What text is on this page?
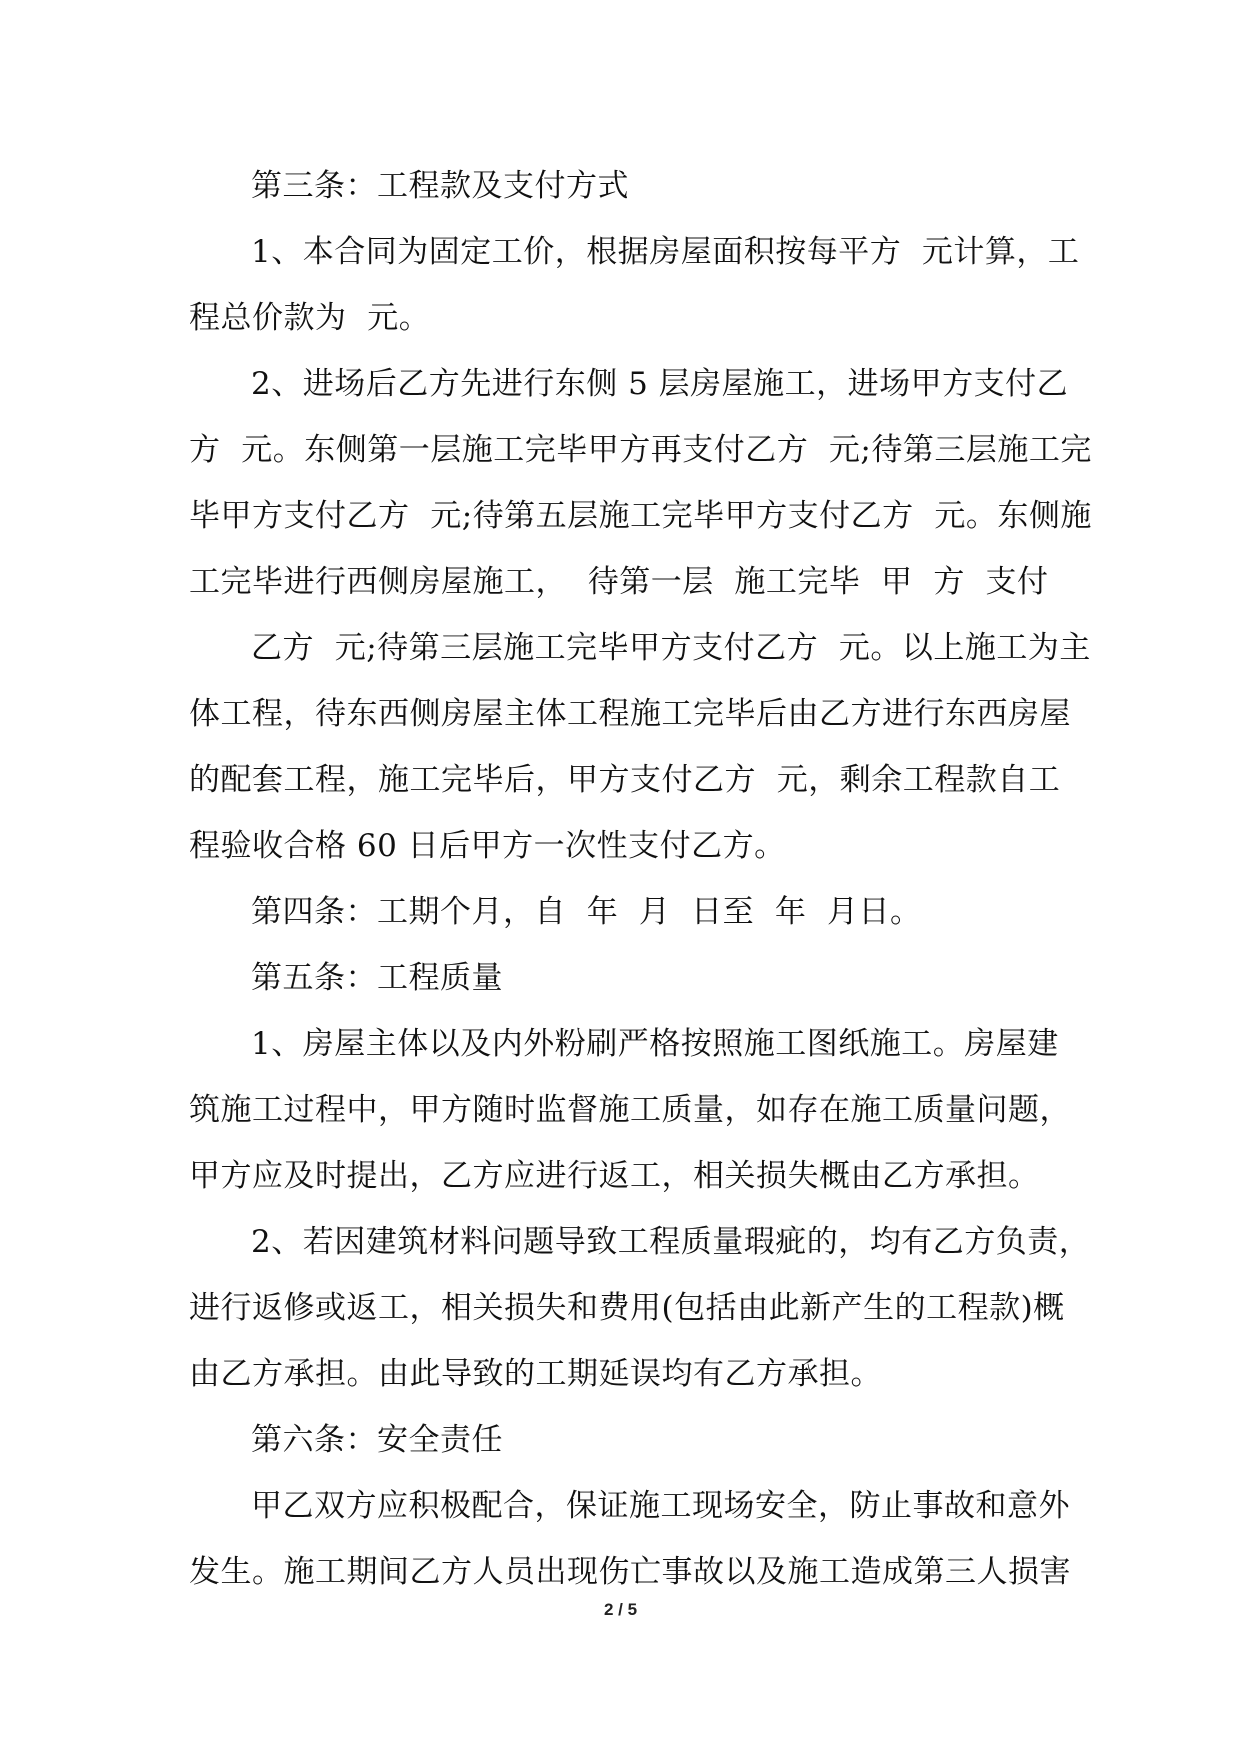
第三条：工程款及支付方式
1、本合同为固定工价，根据房屋面积按每平方  元计算，工
程总价款为  元。
2、进场后乙方先进行东侧 5 层房屋施工，进场甲方支付乙
方  元。东侧第一层施工完毕甲方再支付乙方  元;待第三层施工完
毕甲方支付乙方  元;待第五层施工完毕甲方支付乙方  元。东侧施
工完毕进行西侧房屋施工，  待第一层  施工完毕  甲  方  支付
乙方  元;待第三层施工完毕甲方支付乙方  元。以上施工为主
体工程，待东西侧房屋主体工程施工完毕后由乙方进行东西房屋
的配套工程，施工完毕后，甲方支付乙方  元，剩余工程款自工
程验收合格 60 日后甲方一次性支付乙方。
第四条：工期个月，自  年  月  日至  年  月日。
第五条：工程质量
1、房屋主体以及内外粉刷严格按照施工图纸施工。房屋建
筑施工过程中，甲方随时监督施工质量，如存在施工质量问题，
甲方应及时提出，乙方应进行返工，相关损失概由乙方承担。
2、若因建筑材料问题导致工程质量瑕疵的，均有乙方负责，
进行返修或返工，相关损失和费用(包括由此新产生的工程款)概
由乙方承担。由此导致的工期延误均有乙方承担。
第六条：安全责任
甲乙双方应积极配合，保证施工现场安全，防止事故和意外
发生。施工期间乙方人员出现伤亡事故以及施工造成第三人损害
2 / 5
